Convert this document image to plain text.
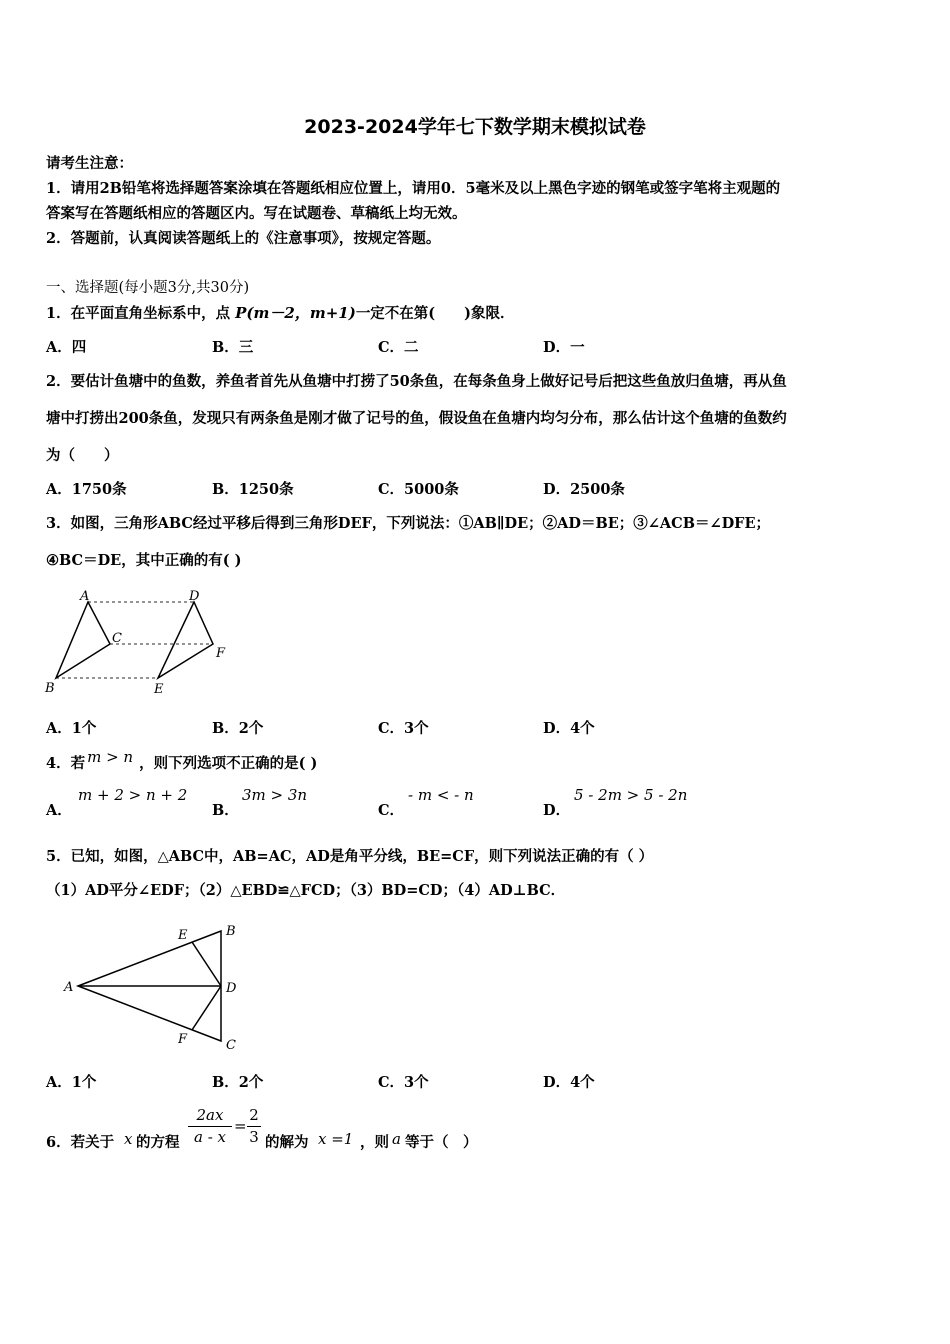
2023-2024学年七下数学期末模拟试卷
请考生注意：
1．请用2B铅笔将选择题答案涂填在答题纸相应位置上，请用0．5毫米及以上黑色字迹的钢笔或签字笔将主观题的
答案写在答题纸相应的答题区内。写在试题卷、草稿纸上均无效。
2．答题前，认真阅读答题纸上的《注意事项》，按规定答题。
一、选择题(每小题3分,共30分)
1．在平面直角坐标系中，点 P(m－2，m+1)一定不在第(　　)象限．
A．四	B．三	C．二	D．一
2．要估计鱼塘中的鱼数，养鱼者首先从鱼塘中打捞了50条鱼，在每条鱼身上做好记号后把这些鱼放归鱼塘，再从鱼
塘中打捞出200条鱼，发现只有两条鱼是刚才做了记号的鱼，假设鱼在鱼塘内均匀分布，那么估计这个鱼塘的鱼数约
为（　　）
A．1750条	B．1250条	C．5000条	D．2500条
3．如图，三角形ABC经过平移后得到三角形DEF，下列说法：①AB∥DE；②AD＝BE；③∠ACB＝∠DFE；
④BC＝DE，其中正确的有( )
A
B
C
D
E
F
A．1个	B．2个	C．3个	D．4个
4．若 m > n ，则下列选项不正确的是( )
A．
m + 2 > n + 2
B．
3m > 3n
C．
- m < - n
D．
5 - 2m > 5 - 2n
5．已知，如图，△ABC中，AB=AC，AD是角平分线，BE=CF，则下列说法正确的有（ ）
（1）AD平分∠EDF；（2）△EBD≌△FCD；（3）BD=CD；（4）AD⊥BC．
A
B
C
D
E
F
A．1个	B．2个	C．3个	D．4个
6．若关于 x 的方程 $\frac{2ax}{a - x} = \frac{2}{3}$ 的解为 x =1 ，则 a 等于（　）
